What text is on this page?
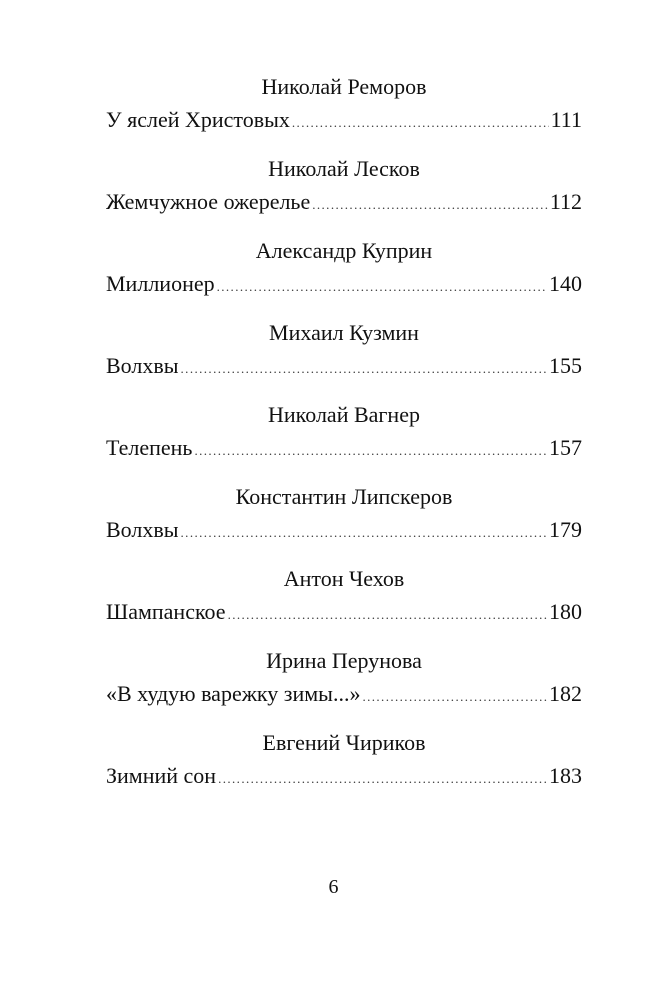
Николай Реморов
У яслей Христовых .....	111
Николай Лесков
Жемчужное ожерелье .....	112
Александр Куприн
Миллионер .....	140
Михаил Кузмин
Волхвы .....	155
Николай Вагнер
Телепень .....	157
Константин Липскеров
Волхвы .....	179
Антон Чехов
Шампанское .....	180
Ирина Перунова
«В худую варежку зимы...» .....	182
Евгений Чириков
Зимний сон .....	183
6
